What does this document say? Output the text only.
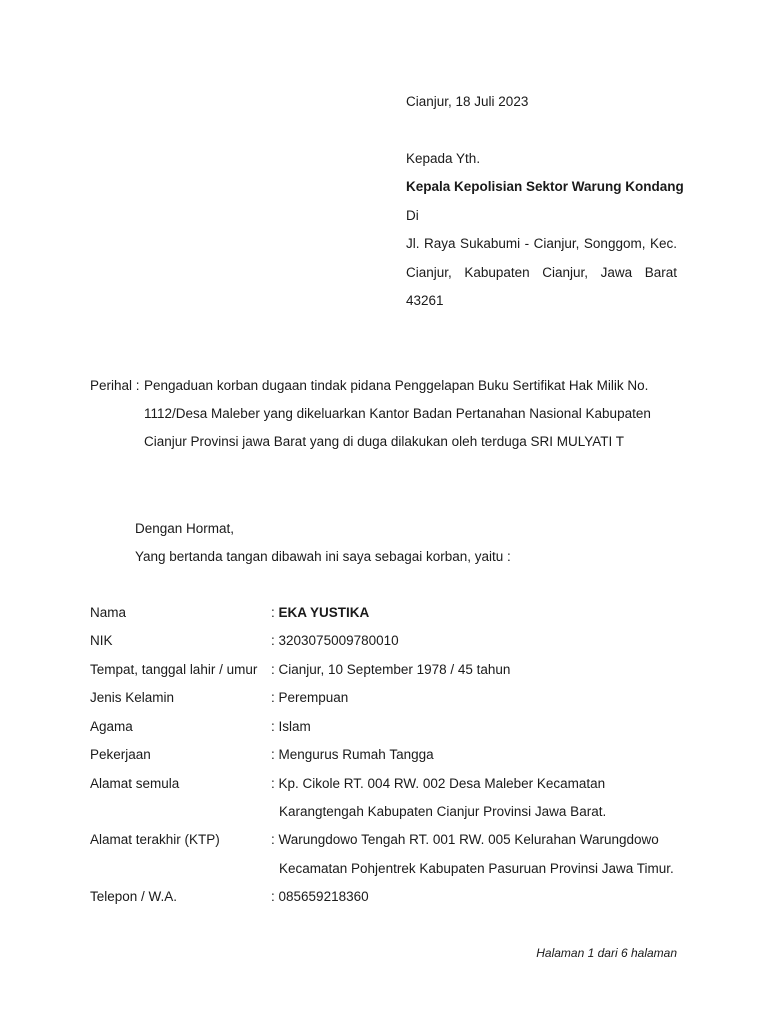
Cianjur, 18 Juli 2023
Kepada Yth.
Kepala Kepolisian Sektor Warung Kondang
Di
Jl. Raya Sukabumi - Cianjur, Songgom, Kec.
Cianjur, Kabupaten Cianjur, Jawa Barat
43261
Perihal : Pengaduan korban dugaan tindak pidana Penggelapan Buku Sertifikat Hak Milik No.
1112/Desa Maleber yang dikeluarkan Kantor Badan Pertanahan Nasional Kabupaten
Cianjur Provinsi jawa Barat yang di duga dilakukan oleh terduga SRI MULYATI T
Dengan Hormat,
Yang bertanda tangan dibawah ini saya sebagai korban, yaitu :
Nama	: EKA YUSTIKA
NIK	: 3203075009780010
Tempat, tanggal lahir / umur : Cianjur, 10 September 1978 / 45 tahun
Jenis Kelamin	: Perempuan
Agama	: Islam
Pekerjaan	: Mengurus Rumah Tangga
Alamat semula	: Kp. Cikole RT. 004 RW. 002 Desa Maleber Kecamatan
Karangtengah Kabupaten Cianjur Provinsi Jawa Barat.
Alamat terakhir (KTP)	: Warungdowo Tengah RT. 001 RW. 005 Kelurahan Warungdowo
Kecamatan Pohjentrek Kabupaten Pasuruan Provinsi Jawa Timur.
Telepon / W.A.	: 085659218360
Halaman 1 dari 6 halaman
